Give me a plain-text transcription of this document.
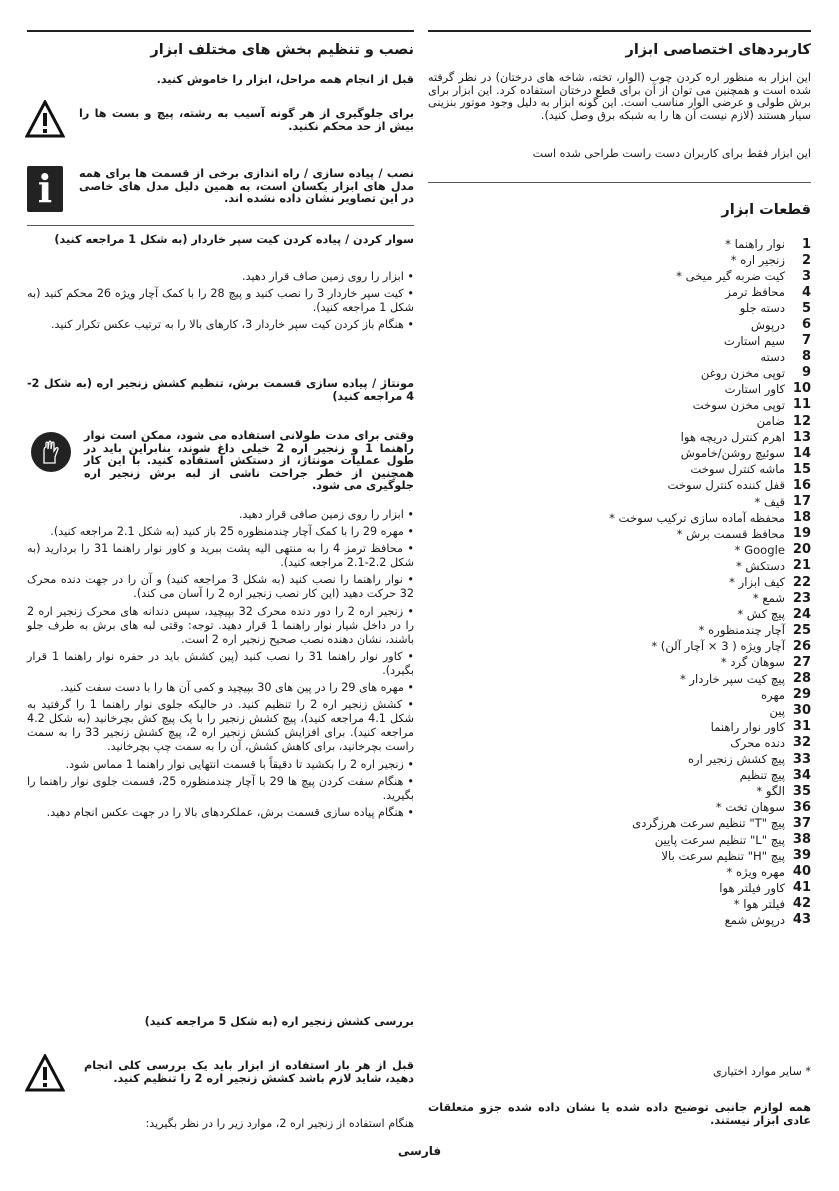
کاربردهای اختصاصی ابزار
این ابزار به منظور اره کردن چوب (الوار، تخته، شاخه های درختان) در نظر گرفته شده است و همچنین می توان از آن برای قطع درختان استفاده کرد. این ابزار برای برش طولی و عرضی الوار مناسب است. این گونه ابزار به دلیل وجود موتور بنزینی سیار هستند (لازم نیست آن ها را به شبکه برق وصل کنید).
این ابزار فقط برای کاربران دست راست طراحی شده است
قطعات ابزار
1
نوار راهنما *
2
زنجیر اره *
3
کیت ضربه گیر میخی *
4
محافظ ترمز
5
دسته جلو
6
درپوش
7
سیم استارت
8
دسته
9
توپی مخزن روغن
10
کاور استارت
11
توپی مخزن سوخت
12
ضامن
13
اهرم کنترل دریچه هوا
14
سوئیچ روشن/خاموش
15
ماشه کنترل سوخت
16
قفل کننده کنترل سوخت
17
قیف *
18
محفظه آماده سازی ترکیب سوخت *
19
محافظ قسمت برش *
20
Google *
21
دستکش *
22
کیف ابزار *
23
شمع *
24
پیچ کش *
25
آچار چندمنظوره *
26
آچار ویژه ( 3 × آچار آلن) *
27
سوهان گرد *
28
پیچ کیت سپر خاردار *
29
مهره
30
پین
31
کاور نوار راهنما
32
دنده محرک
33
پیچ کشش زنجیر اره
34
پیچ تنظیم
35
الگو *
36
سوهان تخت *
37
پیچ "T" تنظیم سرعت هرزگردی
38
پیچ "L" تنظیم سرعت پایین
39
پیچ "H" تنظیم سرعت بالا
40
مهره ویژه *
41
کاور فیلتر هوا
42
فیلتر هوا *
43
درپوش شمع
* سایر موارد اختیاری
همه لوازم جانبی توضیح داده شده یا نشان داده شده جزو متعلقات عادی ابزار نیستند.
نصب و تنظیم بخش های مختلف ابزار
قبل از انجام همه مراحل، ابزار را خاموش کنید.
برای جلوگیری از هر گونه آسیب به رشته، پیچ و بست ها را بیش از حد محکم نکنید.
i	نصب / پیاده سازی / راه اندازی برخی از قسمت ها برای همه مدل های ابزار یکسان است، به همین دلیل مدل های خاصی در این تصاویر نشان داده نشده اند.
سوار کردن / پیاده کردن کیت سپر خاردار (به شکل 1 مراجعه کنید)
• ابزار را روی زمین صاف قرار دهید.
• کیت سپر خاردار 3 را نصب کنید و پیچ 28 را با کمک آچار ویژه 26 محکم کنید (به شکل 1 مراجعه کنید).
• هنگام باز کردن کیت سپر خاردار 3، کارهای بالا را به ترتیب عکس تکرار کنید.
مونتاژ / پیاده سازی قسمت برش، تنظیم کشش زنجیر اره (به شکل 2-4 مراجعه کنید)
وقتی برای مدت طولانی استفاده می شود، ممکن است نوار راهنما 1 و زنجیر اره 2 خیلی داغ شوند، بنابراین باید در طول عملیات مونتاژ، از دستکش استفاده کنید. با این کار همچنین از خطر جراحت ناشی از لبه برش زنجیر اره جلوگیری می شود.
• ابزار را روی زمین صافی قرار دهید.
• مهره 29 را با کمک آچار چندمنظوره 25 باز کنید (به شکل 2.1 مراجعه کنید).
• محافظ ترمز 4 را به منتهی الیه پشت ببرید و کاور نوار راهنما 31 را بردارید (به شکل 2.2-2.1 مراجعه کنید).
• نوار راهنما را نصب کنید (به شکل 3 مراجعه کنید) و آن را در جهت دنده محرک 32 حرکت دهید (این کار نصب زنجیر اره 2 را آسان می کند).
• زنجیر اره 2 را دور دنده محرک 32 بپیچید، سپس دندانه های محرک زنجیر اره 2 را در داخل شیار نوار راهنما 1 قرار دهید. توجه: وقتی لبه های برش به طرف جلو باشند، نشان دهنده نصب صحیح زنجیر اره 2 است.
• کاور نوار راهنما 31 را نصب کنید (پین کشش باید در حفره نوار راهنما 1 قرار بگیرد).
• مهره های 29 را در پین های 30 بپیچید و کمی آن ها را با دست سفت کنید.
• کشش زنجیر اره 2 را تنظیم کنید. در حالیکه جلوی نوار راهنما 1 را گرفتید به شکل 4.1 مراجعه کنید)، پیچ کشش زنجیر را با یک پیچ کش بچرخانید (به شکل 4.2 مراجعه کنید). برای افزایش کشش زنجیر اره 2، پیچ کشش زنجیر 33 را به سمت راست بچرخانید، برای کاهش کشش، آن را به سمت چپ بچرخانید.
• زنجیر اره 2 را بکشید تا دقیقاً با قسمت انتهایی نوار راهنما 1 مماس شود.
• هنگام سفت کردن پیچ ها 29 با آچار چندمنظوره 25، قسمت جلوی نوار راهنما را بگیرید.
• هنگام پیاده سازی قسمت برش، عملکردهای بالا را در جهت عکس انجام دهید.
بررسی کشش زنجیر اره (به شکل 5 مراجعه کنید)
قبل از هر بار استفاده از ابزار باید یک بررسی کلی انجام دهید، شاید لازم باشد کشش زنجیر اره 2 را تنظیم کنید.
هنگام استفاده از زنجیر اره 2، موارد زیر را در نظر بگیرید:
فارسی
